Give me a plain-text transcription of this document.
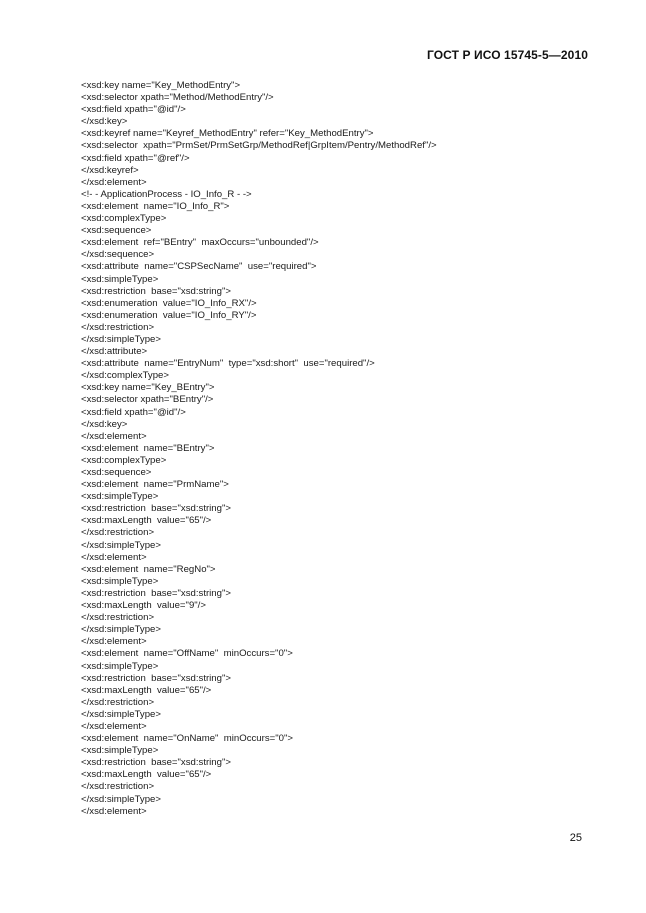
ГОСТ Р ИСО 15745-5—2010
<xsd:key name="Key_MethodEntry">
<xsd:selector xpath="Method/MethodEntry"/>
<xsd:field xpath="@id"/>
</xsd:key>
<xsd:keyref name="Keyref_MethodEntry" refer="Key_MethodEntry">
<xsd:selector  xpath="PrmSet/PrmSetGrp/MethodRef|GrpItem/Pentry/MethodRef"/>
<xsd:field xpath="@ref"/>
</xsd:keyref>
</xsd:element>
<!- - ApplicationProcess - IO_Info_R - ->
<xsd:element  name="IO_Info_R">
<xsd:complexType>
<xsd:sequence>
<xsd:element  ref="BEntry"  maxOccurs="unbounded"/>
</xsd:sequence>
<xsd:attribute  name="CSPSecName"  use="required">
<xsd:simpleType>
<xsd:restriction  base="xsd:string">
<xsd:enumeration  value="IO_Info_RX"/>
<xsd:enumeration  value="IO_Info_RY"/>
</xsd:restriction>
</xsd:simpleType>
</xsd:attribute>
<xsd:attribute  name="EntryNum"  type="xsd:short"  use="required"/>
</xsd:complexType>
<xsd:key name="Key_BEntry">
<xsd:selector xpath="BEntry"/>
<xsd:field xpath="@id"/>
</xsd:key>
</xsd:element>
<xsd:element  name="BEntry">
<xsd:complexType>
<xsd:sequence>
<xsd:element  name="PrmName">
<xsd:simpleType>
<xsd:restriction  base="xsd:string">
<xsd:maxLength  value="65"/>
</xsd:restriction>
</xsd:simpleType>
</xsd:element>
<xsd:element  name="RegNo">
<xsd:simpleType>
<xsd:restriction  base="xsd:string">
<xsd:maxLength  value="9"/>
</xsd:restriction>
</xsd:simpleType>
</xsd:element>
<xsd:element  name="OffName"  minOccurs="0">
<xsd:simpleType>
<xsd:restriction  base="xsd:string">
<xsd:maxLength  value="65"/>
</xsd:restriction>
</xsd:simpleType>
</xsd:element>
<xsd:element  name="OnName"  minOccurs="0">
<xsd:simpleType>
<xsd:restriction  base="xsd:string">
<xsd:maxLength  value="65"/>
</xsd:restriction>
</xsd:simpleType>
</xsd:element>
25
